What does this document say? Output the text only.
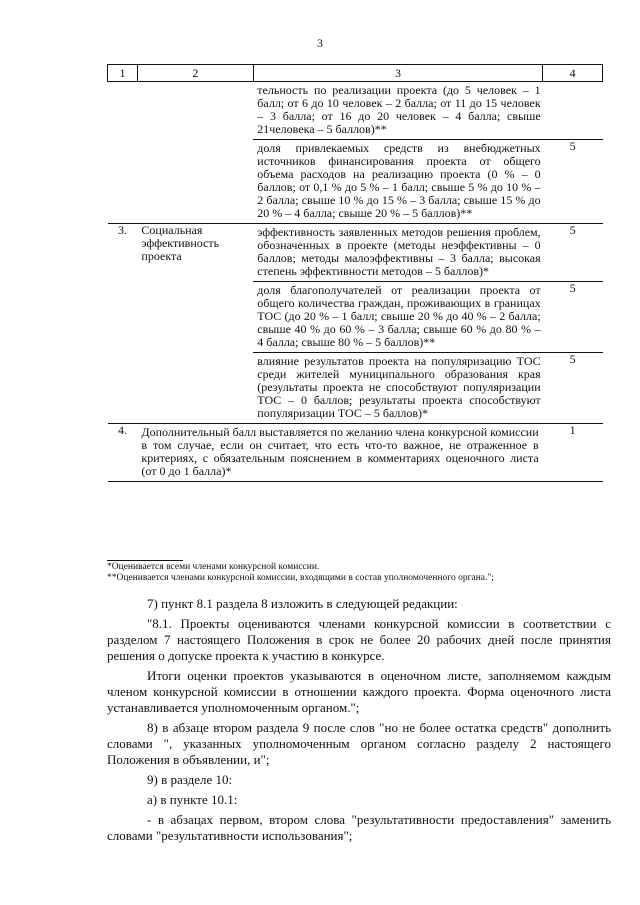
3
1	2	3	4

		тельность по реализации проекта (до 5 человек – 1 балл; от 6 до 10 человек – 2 балла; от 11 до 15 человек – 3 балла; от 16 до 20 человек – 4 балла; свыше 21человека – 5 баллов)**	

		доля привлекаемых средств из внебюджетных источников финансирования проекта от общего объема расходов на реализацию проекта (0 % – 0 баллов; от 0,1 % до 5 % – 1 балл; свыше 5 % до 10 % – 2 балла; свыше 10 % до 15 % – 3 балла; свыше 15 % до 20 % – 4 балла; свыше 20 % – 5 баллов)**	5
3.	Социальная эффективность проекта	эффективность заявленных методов решения проблем, обозначенных в проекте (методы неэффективны – 0 баллов; методы малоэффективны – 3 балла; высокая степень эффективности методов – 5 баллов)*	5

		доля благополучателей от реализации проекта от общего количества граждан, проживающих в границах ТОС (до 20 % – 1 балл; свыше 20 % до 40 % – 2 балла; свыше 40 % до 60 % – 3 балла; свыше 60 % до 80 % – 4 балла; свыше 80 % – 5 баллов)**	5

		влияние результатов проекта на популяризацию ТОС среди жителей муниципального образования края (результаты проекта не способствуют популяризации ТОС – 0 баллов; результаты проекта способствуют популяризации ТОС – 5 баллов)*	5
4.	Дополнительный балл выставляется по желанию члена конкурсной комиссии в том случае, если он считает, что есть что-то важное, не отраженное в критериях, с обязательным пояснением в комментариях оценочного листа (от 0 до 1 балла)*		1

*Оценивается всеми членами конкурсной комиссии.

**Оценивается членами конкурсной комиссии, входящими в состав уполномоченного органа.";

7) пункт 8.1 раздела 8 изложить в следующей редакции:

"8.1. Проекты оцениваются членами конкурсной комиссии в соответствии с разделом 7 настоящего Положения в срок не более 20 рабочих дней после принятия решения о допуске проекта к участию в конкурсе.

Итоги оценки проектов указываются в оценочном листе, заполняемом каждым членом конкурсной комиссии в отношении каждого проекта. Форма оценочного листа устанавливается уполномоченным органом.";

8) в абзаце втором раздела 9 после слов "но не более остатка средств" дополнить словами ", указанных уполномоченным органом согласно разделу 2 настоящего Положения в объявлении, и";

9) в разделе 10:

а) в пункте 10.1:

- в абзацах первом, втором слова "результативности предоставления" заменить словами "результативности использования";
